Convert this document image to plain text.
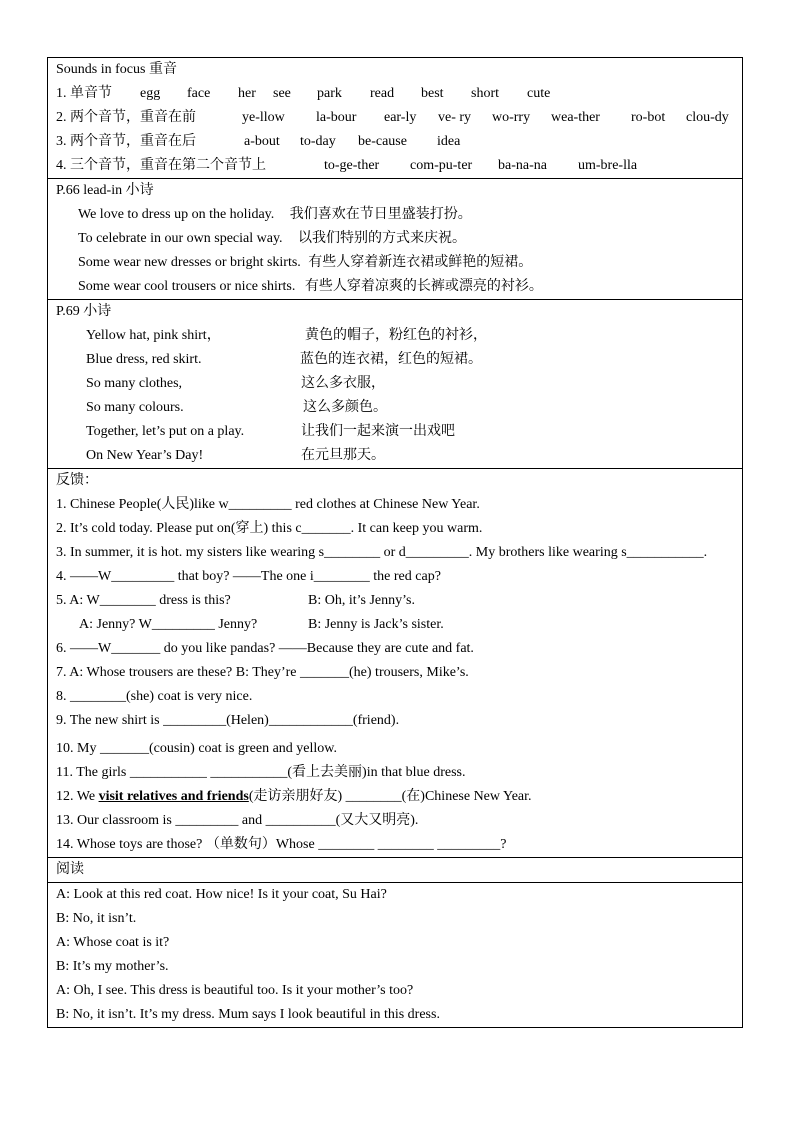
Sounds in focus 重音
1. 单音节 egg face her see park read best short cute
2. 两个音节，重音在前	ye-llow la-bour ear-ly ve- ry wo-rry wea-ther ro-bot clou-dy
3. 两个音节，重音在后	a-bout to-day be-cause idea
4. 三个音节，重音在第二个音节上	to-ge-ther com-pu-ter ba-na-na um-bre-lla
P.66 lead-in 小诗
We love to dress up on the holiday. 我们喜欢在节日里盛装打扮。
To celebrate in our own special way. 以我们特别的方式来庆祝。
Some wear new dresses or bright skirts. 有些人穿着新连衣裙或鲜艳的短裙。
Some wear cool trousers or nice shirts. 有些人穿着凉爽的长裤或漂亮的衬衫。
P.69 小诗
Yellow hat, pink shirt，	黄色的帽子，粉红色的衬衫，
Blue dress, red skirt.	蓝色的连衣裙，红色的短裙。
So many clothes,	这么多衣服，
So many colours.	这么多颜色。
Together, let’s put on a play.	让我们一起来演一出戏吧
On New Year’s Day!	在元旦那天。
反馈：
1. Chinese People(人民)like w_________ red clothes at Chinese New Year.
2. It’s cold today. Please put on(穿上) this c_______. It can keep you warm.
3. In summer, it is hot. my sisters like wearing s________ or d_________. My brothers like wearing s___________.
4. ——W_________ that boy? ——The one i________ the red cap?
5. A: W________ dress is this?	B: Oh, it’s Jenny’s.
A: Jenny? W_________ Jenny?	B: Jenny is Jack’s sister.
6. ——W_______ do you like pandas? ——Because they are cute and fat.
7. A: Whose trousers are these? B: They’re _______(he) trousers, Mike’s.
8. ________(she) coat is very nice.
9. The new shirt is _________(Helen)____________(friend).
10. My _______(cousin) coat is green and yellow.
11. The girls ___________ ___________(看上去美丽)in that blue dress.
12. We visit relatives and friends(走访亲朋好友) ________(在)Chinese New Year.
13. Our classroom is _________ and __________(又大又明亮).
14. Whose toys are those? （单数句）Whose ________ ________ _________?
阅读
A: Look at this red coat. How nice! Is it your coat, Su Hai?
B: No, it isn’t.
A: Whose coat is it?
B: It’s my mother’s.
A: Oh, I see. This dress is beautiful too. Is it your mother’s too?
B: No, it isn’t. It’s my dress. Mum says I look beautiful in this dress.
